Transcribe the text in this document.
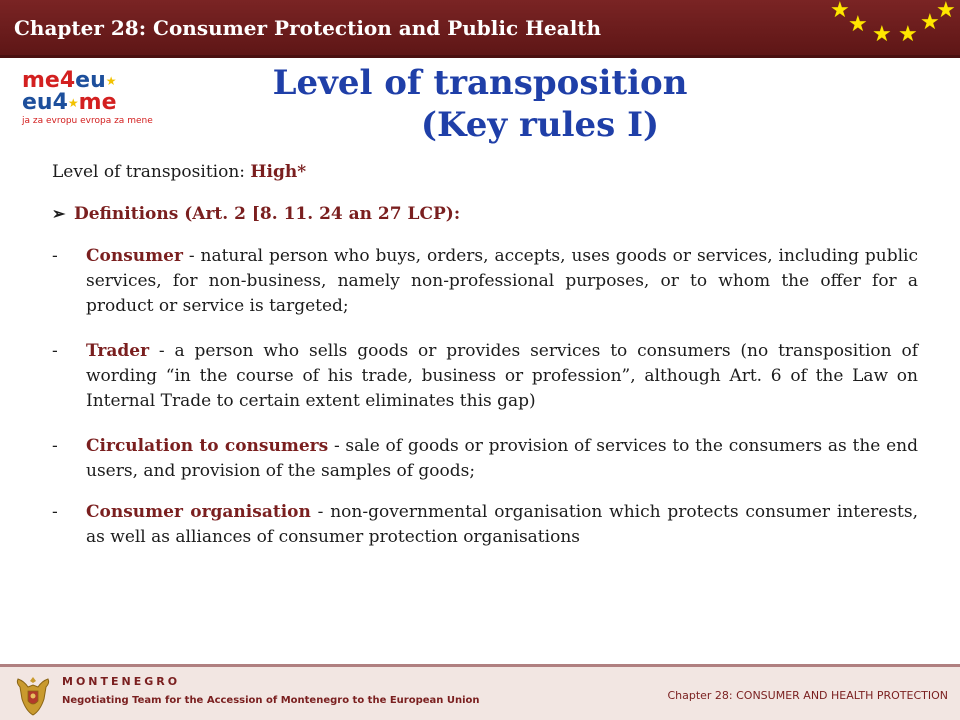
Chapter 28: Consumer Protection and Public Health
★
★ ★ ★ ★
★
me4eu★
eu4★me
ja za evropu evropa za mene
Level of transposition
(Key rules I)
Level of transposition: High*
➢ Definitions (Art. 2 [8. 11. 24 an 27 LCP):
-	Consumer - natural person who buys, orders, accepts, uses goods or services, including public services, for non-business, namely non-professional purposes, or to whom the offer for a product or service is targeted;
-	Trader - a person who sells goods or provides services to consumers (no transposition of wording “in the course of his trade, business or profession”, although Art. 6 of the Law on Internal Trade to certain extent eliminates this gap)
-	Circulation to consumers - sale of goods or provision of services to the consumers as the end users, and provision of the samples of goods;
-	Consumer organisation - non-governmental organisation which protects consumer interests, as well as alliances of consumer protection organisations
MONTENEGRO
Negotiating Team for the Accession of Montenegro to the European Union	Chapter 28: CONSUMER AND HEALTH PROTECTION
